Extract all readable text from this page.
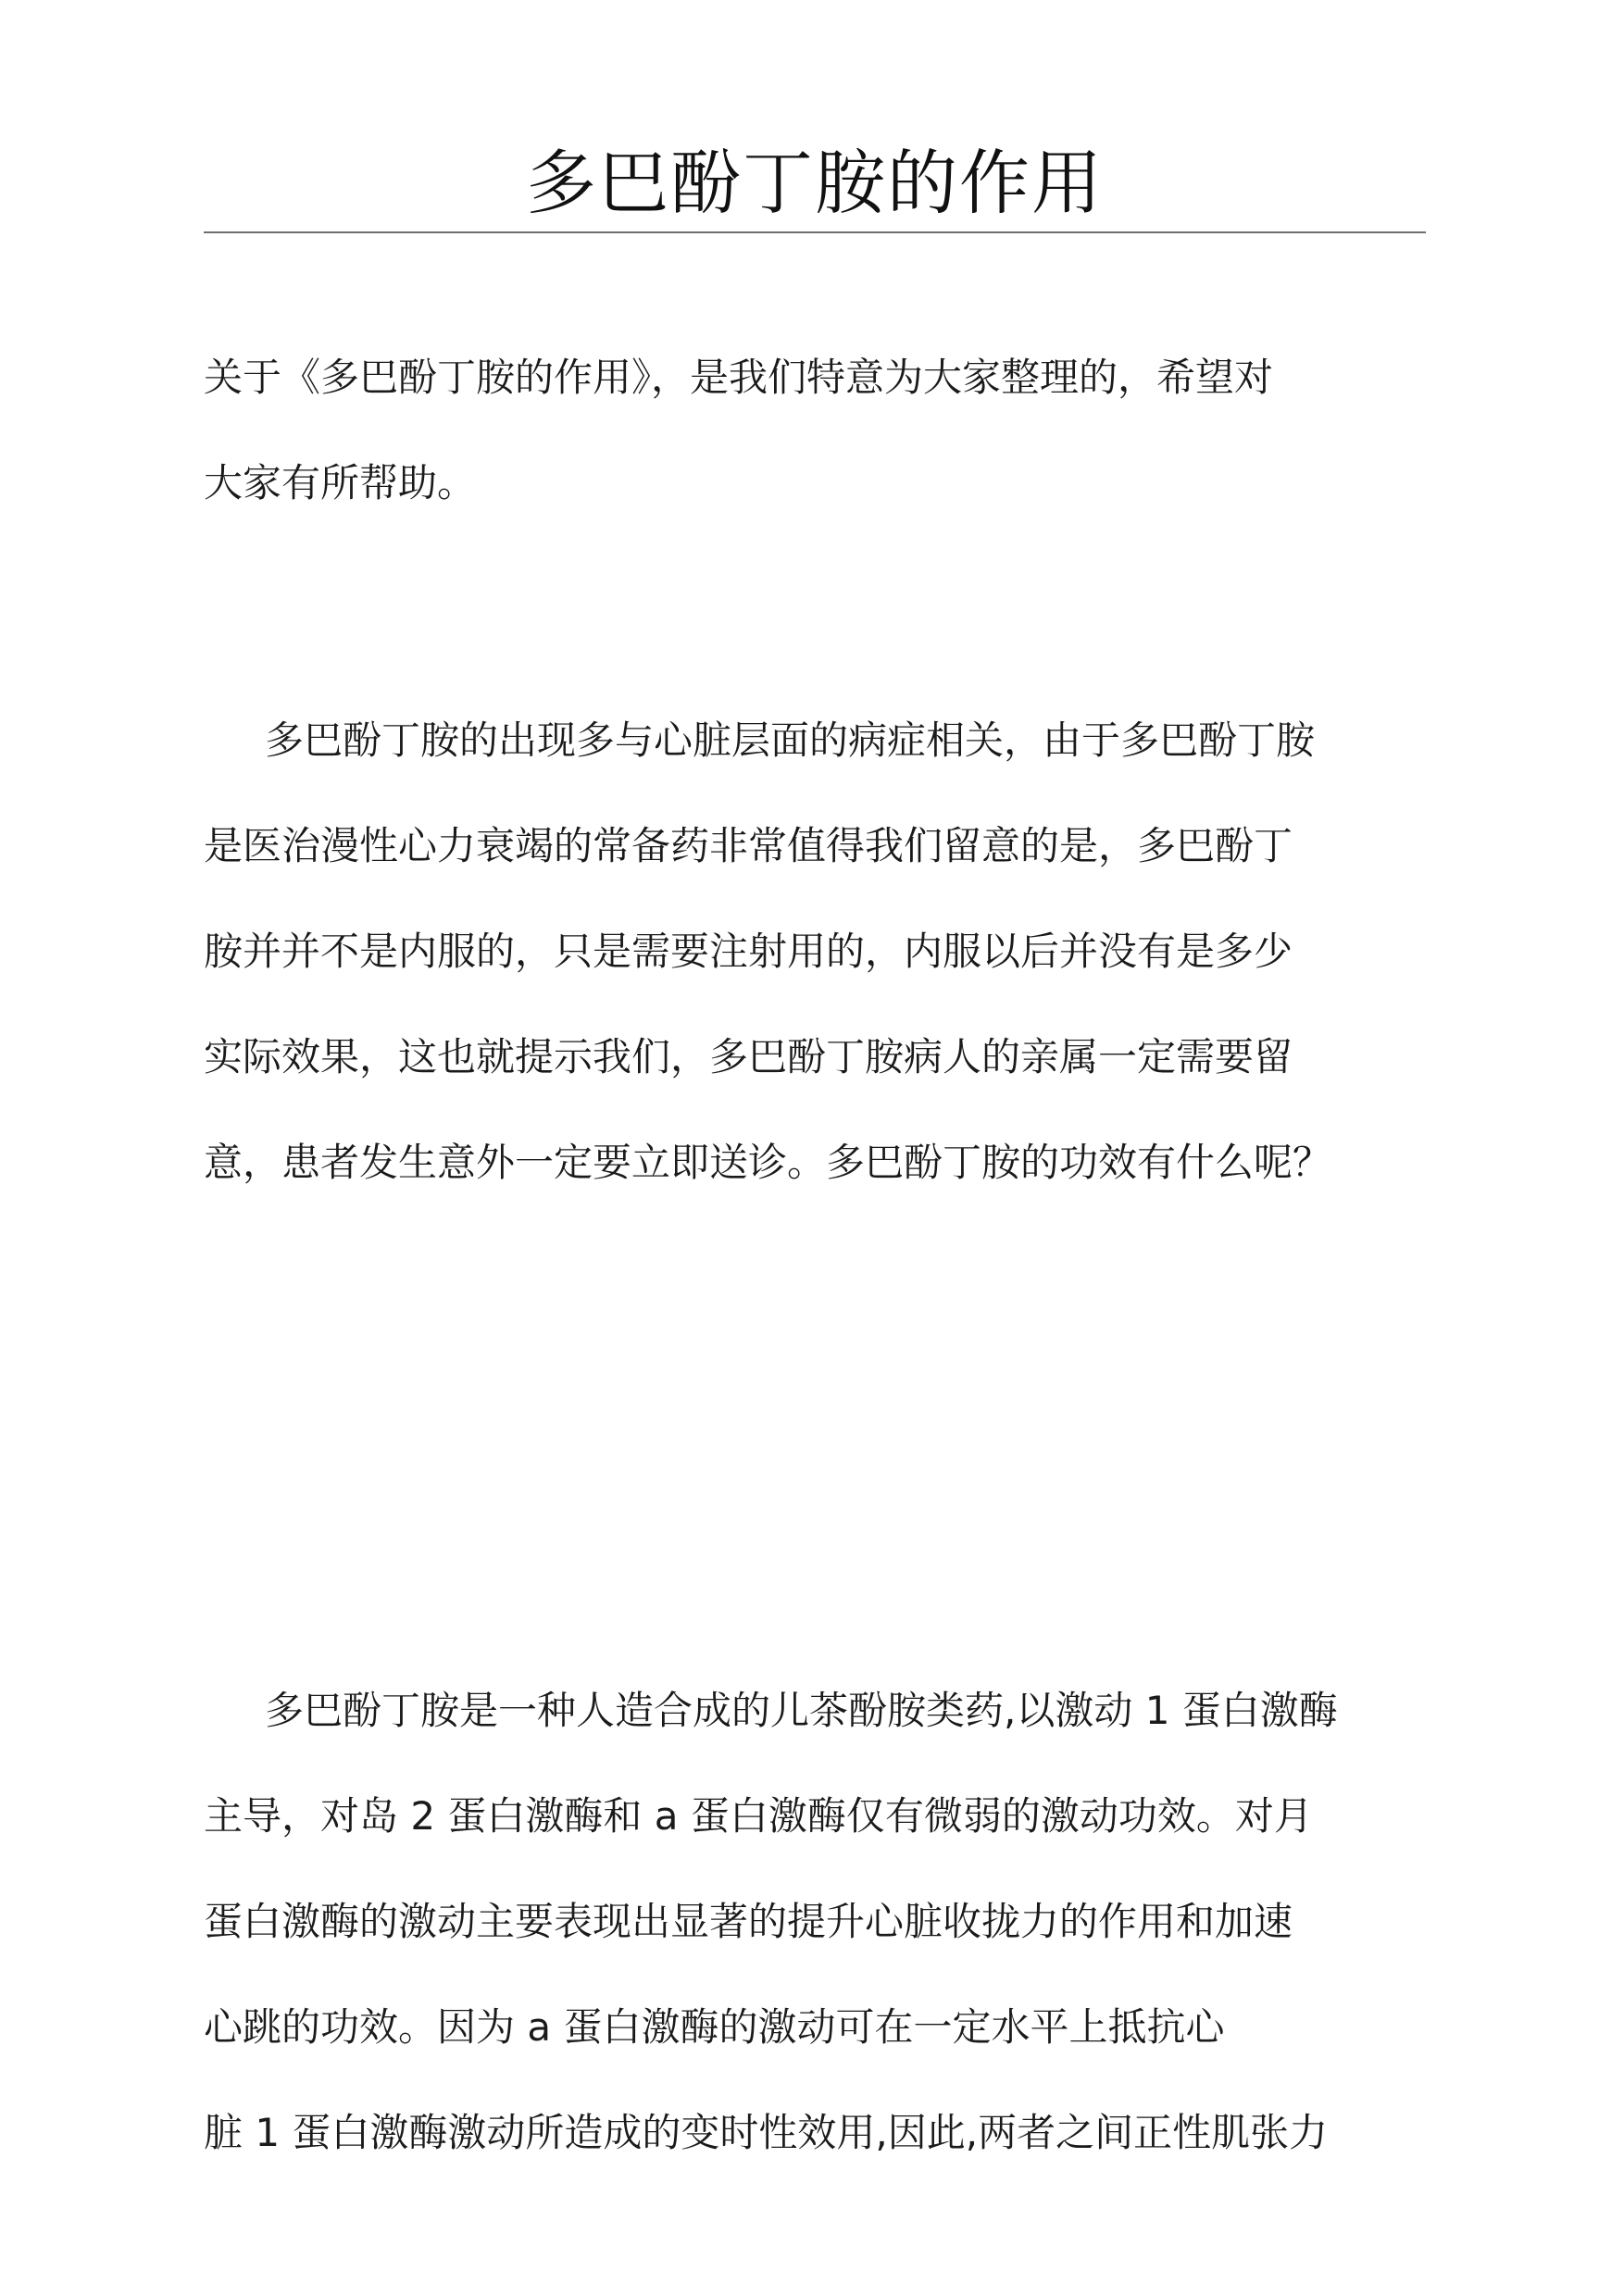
多巴酚丁胺的作用
关于《多巴酚丁胺的作用》，是我们特意为大家整理的，希望对
大家有所帮助。
多巴酚丁胺的出现多与心脏层面的病症相关，由于多巴酚丁胺
是医治漫性心力衰竭的常备药非常值得我们留意的是，多巴酚丁
胺并并不是内服的，只是需要注射用的，内服以后并没有是多少
实际效果，这也就提示我们，多巴酚丁胺病人的亲属一定需要留
意，患者发生意外一定要立即送诊。多巴酚丁胺的功效有什么呢？
多巴酚丁胺是一种人造合成的儿茶酚胺类药,以激动 1 蛋白激酶
主导，对岛 2 蛋白激酶和 a 蛋白激酶仅有微弱的激动功效。对月
蛋白激酶的激动主要表现出显著的提升心脏收拢力的作用和加速
心跳的功效。因为 a 蛋白激酶的激动可在一定水平上抵抗心
脏 1 蛋白激酶激动所造成的变时性效用,因此,两者之间正性肌张力
